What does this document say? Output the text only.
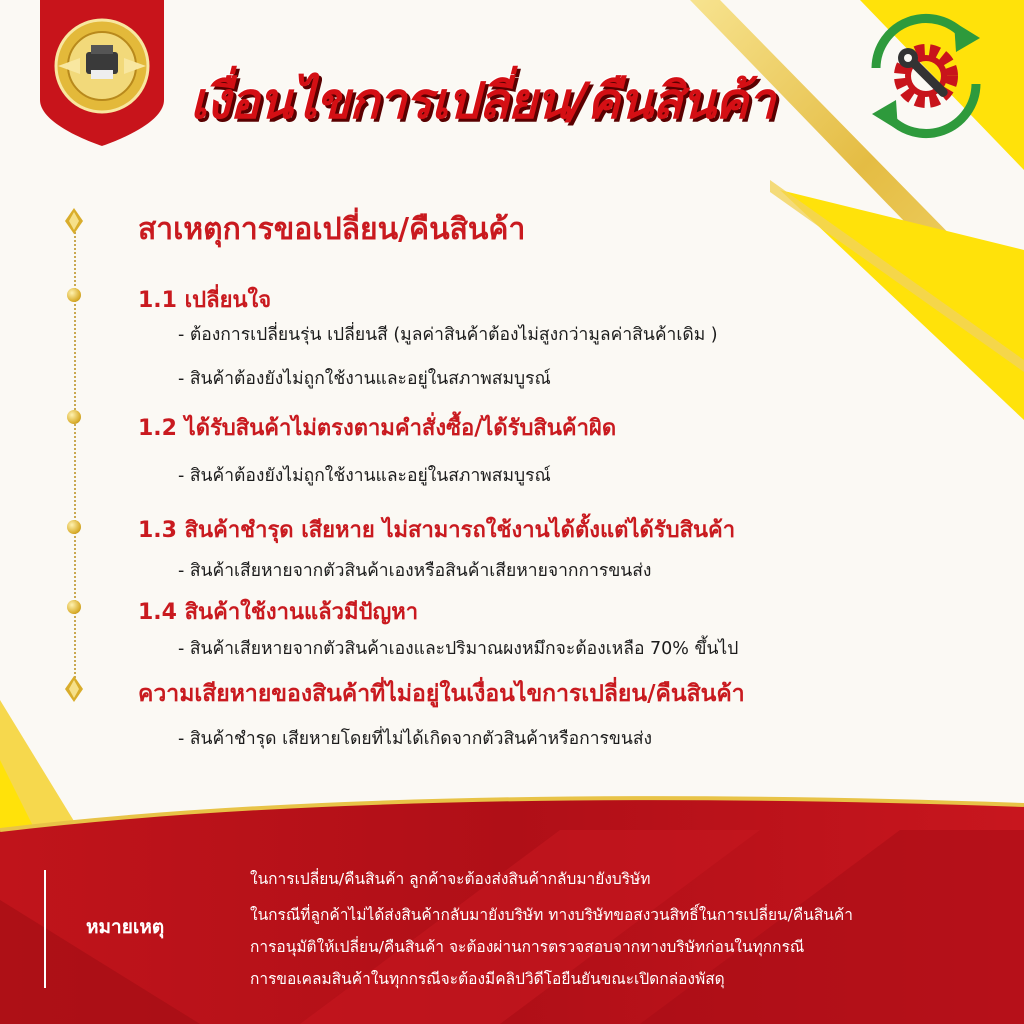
เงื่อนไขการเปลี่ยน/คืนสินค้า
สาเหตุการขอเปลี่ยน/คืนสินค้า
1.1 เปลี่ยนใจ

- ต้องการเปลี่ยนรุ่น เปลี่ยนสี (มูลค่าสินค้าต้องไม่สูงกว่ามูลค่าสินค้าเดิม )

- สินค้าต้องยังไม่ถูกใช้งานและอยู่ในสภาพสมบูรณ์

1.2 ได้รับสินค้าไม่ตรงตามคำสั่งซื้อ/ได้รับสินค้าผิด

- สินค้าต้องยังไม่ถูกใช้งานและอยู่ในสภาพสมบูรณ์

1.3 สินค้าชำรุด เสียหาย ไม่สามารถใช้งานได้ตั้งแต่ได้รับสินค้า

- สินค้าเสียหายจากตัวสินค้าเองหรือสินค้าเสียหายจากการขนส่ง

1.4 สินค้าใช้งานแล้วมีปัญหา

- สินค้าเสียหายจากตัวสินค้าเองและปริมาณผงหมึกจะต้องเหลือ 70% ขึ้นไป

ความเสียหายของสินค้าที่ไม่อยู่ในเงื่อนไขการเปลี่ยน/คืนสินค้า

- สินค้าชำรุด เสียหายโดยที่ไม่ได้เกิดจากตัวสินค้าหรือการขนส่ง

หมายเหตุ

ในการเปลี่ยน/คืนสินค้า ลูกค้าจะต้องส่งสินค้ากลับมายังบริษัท

ในกรณีที่ลูกค้าไม่ได้ส่งสินค้ากลับมายังบริษัท ทางบริษัทขอสงวนสิทธิ์ในการเปลี่ยน/คืนสินค้า

การอนุมัติให้เปลี่ยน/คืนสินค้า จะต้องผ่านการตรวจสอบจากทางบริษัทก่อนในทุกกรณี

การขอเคลมสินค้าในทุกกรณีจะต้องมีคลิปวิดีโอยืนยันขณะเปิดกล่องพัสดุ
